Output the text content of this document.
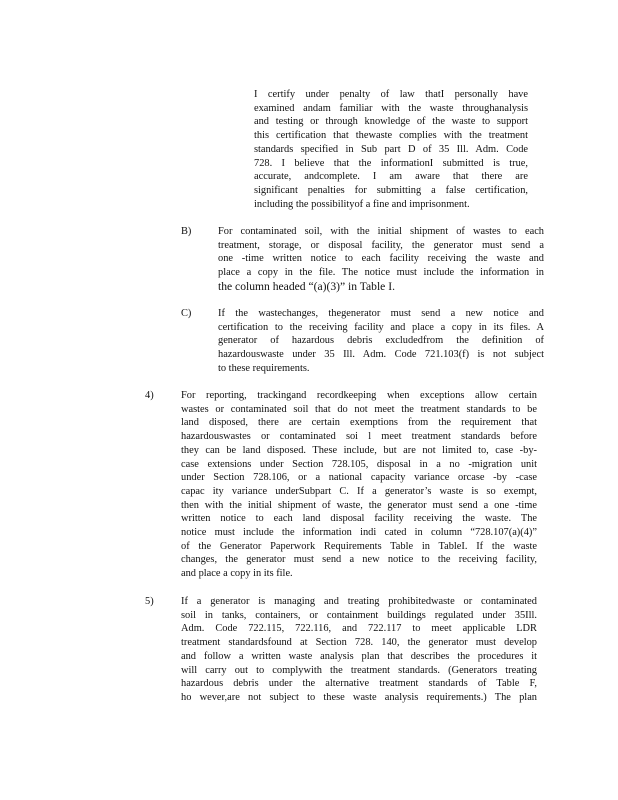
I certify under penalty of law thatI personally have
examined andam familiar with the waste throughanalysis
and testing or through knowledge of the waste to support
this certification that thewaste complies with the treatment
standards specified in Sub part D of 35 Ill. Adm. Code
728. I believe that the informationI submitted is true,
accurate, andcomplete. I am aware that there are
significant penalties for submitting a false certification,
including the possibilityof a fine and imprisonment.
B)	For contaminated soil, with the initial shipment of wastes to each
treatment, storage, or disposal facility, the generator must send a
one -time written notice to each facility receiving the waste and
place a copy in the file. The notice must include the information in
the column headed “(a)(3)” in Table I.
C)	If the wastechanges, thegenerator must send a new notice and
certification to the receiving facility and place a copy in its files. A
generator of hazardous debris excludedfrom the definition of
hazardouswaste under 35 Ill. Adm. Code 721.103(f) is not subject
to these requirements.
4)	For reporting, trackingand recordkeeping when exceptions allow certain
wastes or contaminated soil that do not meet the treatment standards to be
land disposed, there are certain exemptions from the requirement that
hazardouswastes or contaminated soi l meet treatment standards before
they can be land disposed. These include, but are not limited to, case -by-
case extensions under Section 728.105, disposal in a no -migration unit
under Section 728.106, or a national capacity variance orcase -by -case
capac ity variance underSubpart C. If a generator’s waste is so exempt,
then with the initial shipment of waste, the generator must send a one -time
written notice to each land disposal facility receiving the waste. The
notice must include the information indi cated in column “728.107(a)(4)”
of the Generator Paperwork Requirements Table in TableI. If the waste
changes, the generator must send a new notice to the receiving facility,
and place a copy in its file.
5)	If a generator is managing and treating prohibitedwaste or contaminated
soil in tanks, containers, or containment buildings regulated under 35Ill.
Adm. Code 722.115, 722.116, and 722.117 to meet applicable LDR
treatment standardsfound at Section 728. 140, the generator must develop
and follow a written waste analysis plan that describes the procedures it
will carry out to complywith the treatment standards. (Generators treating
hazardous debris under the alternative treatment standards of Table F,
ho wever,are not subject to these waste analysis requirements.) The plan
